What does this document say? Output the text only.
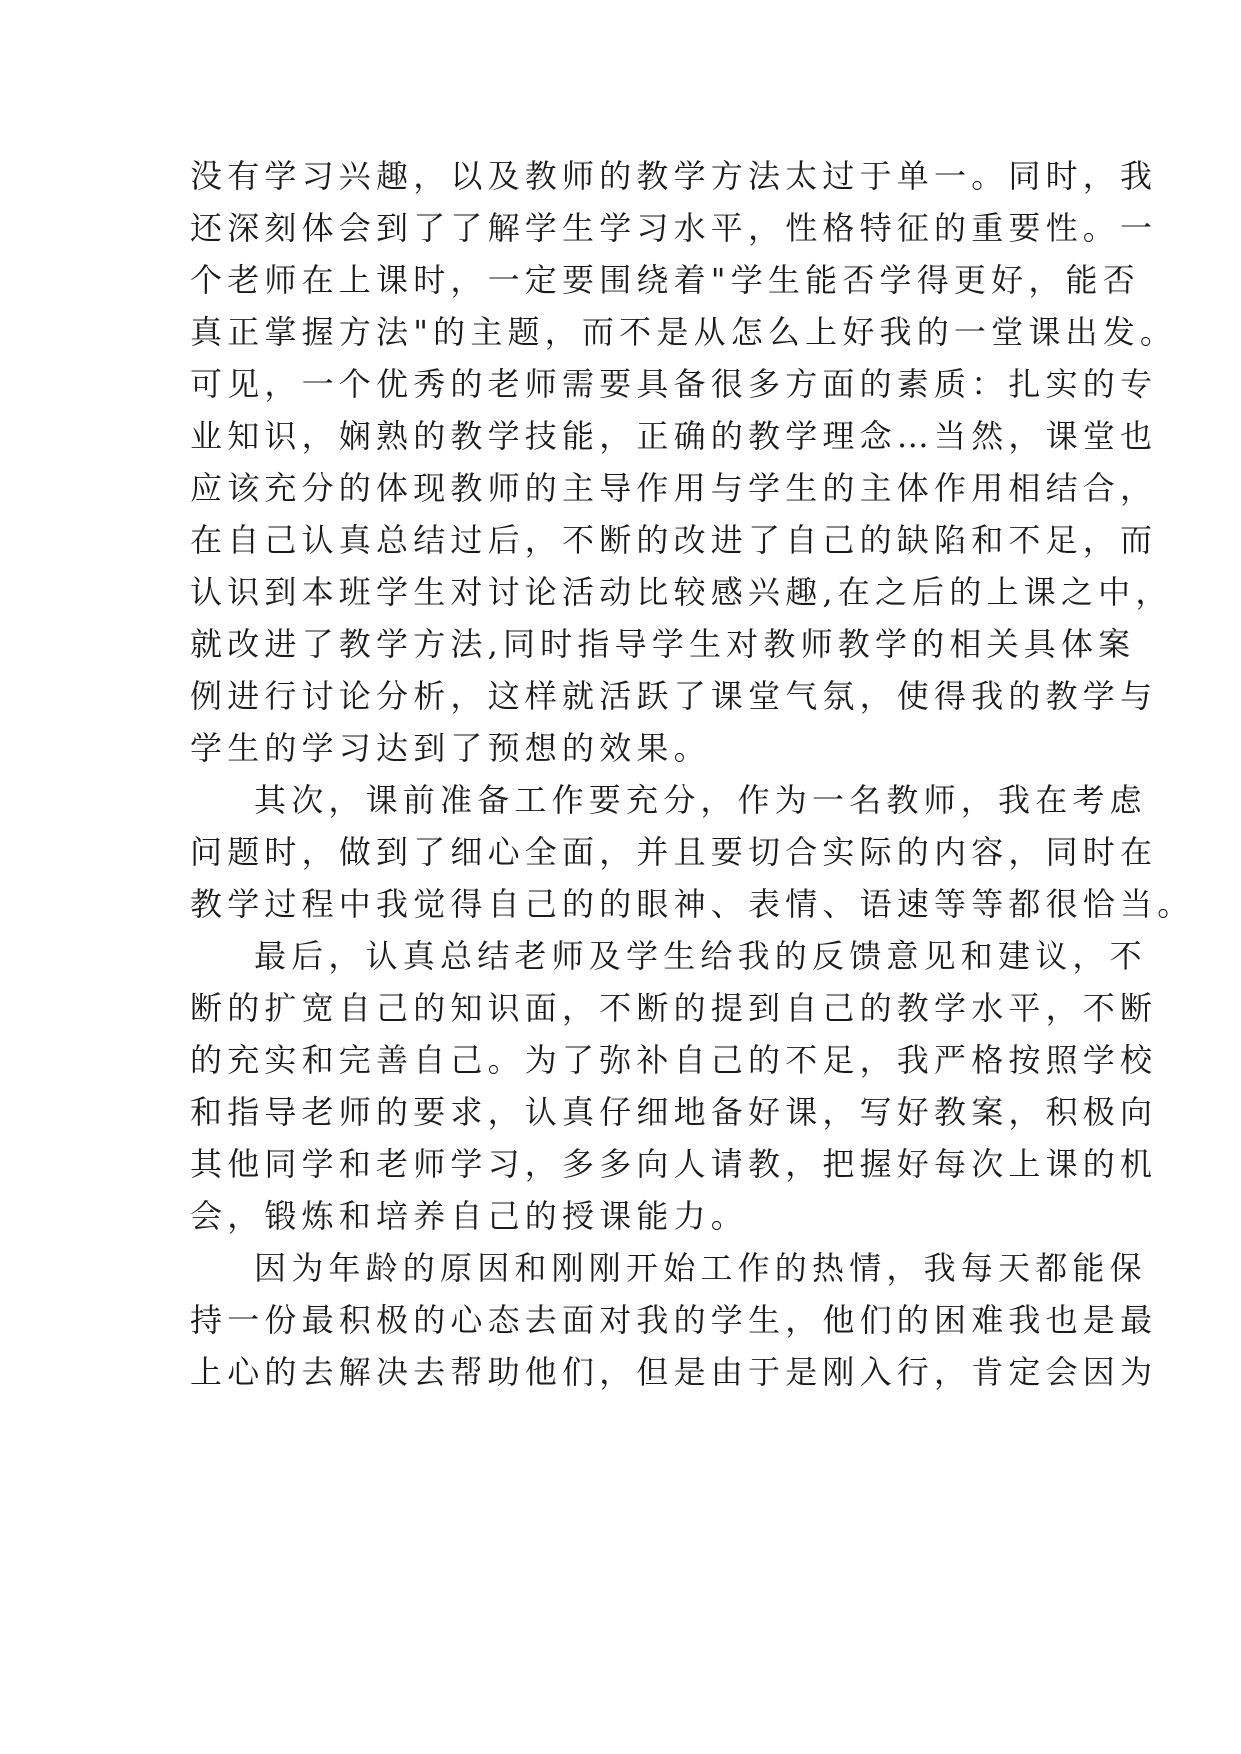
没有学习兴趣，以及教师的教学方法太过于单一。同时，我
还深刻体会到了了解学生学习水平，性格特征的重要性。一
个老师在上课时，一定要围绕着"学生能否学得更好，能否
真正掌握方法"的主题，而不是从怎么上好我的一堂课出发。
可见，一个优秀的老师需要具备很多方面的素质：扎实的专
业知识，娴熟的教学技能，正确的教学理念…当然，课堂也
应该充分的体现教师的主导作用与学生的主体作用相结合，
在自己认真总结过后，不断的改进了自己的缺陷和不足，而
认识到本班学生对讨论活动比较感兴趣,在之后的上课之中，
就改进了教学方法,同时指导学生对教师教学的相关具体案
例进行讨论分析，这样就活跃了课堂气氛，使得我的教学与
学生的学习达到了预想的效果。
其次，课前准备工作要充分，作为一名教师，我在考虑
问题时，做到了细心全面，并且要切合实际的内容，同时在
教学过程中我觉得自己的的眼神、表情、语速等等都很恰当。
最后，认真总结老师及学生给我的反馈意见和建议，不
断的扩宽自己的知识面，不断的提到自己的教学水平，不断
的充实和完善自己。为了弥补自己的不足，我严格按照学校
和指导老师的要求，认真仔细地备好课，写好教案，积极向
其他同学和老师学习，多多向人请教，把握好每次上课的机
会，锻炼和培养自己的授课能力。
因为年龄的原因和刚刚开始工作的热情，我每天都能保
持一份最积极的心态去面对我的学生，他们的困难我也是最
上心的去解决去帮助他们，但是由于是刚入行，肯定会因为
